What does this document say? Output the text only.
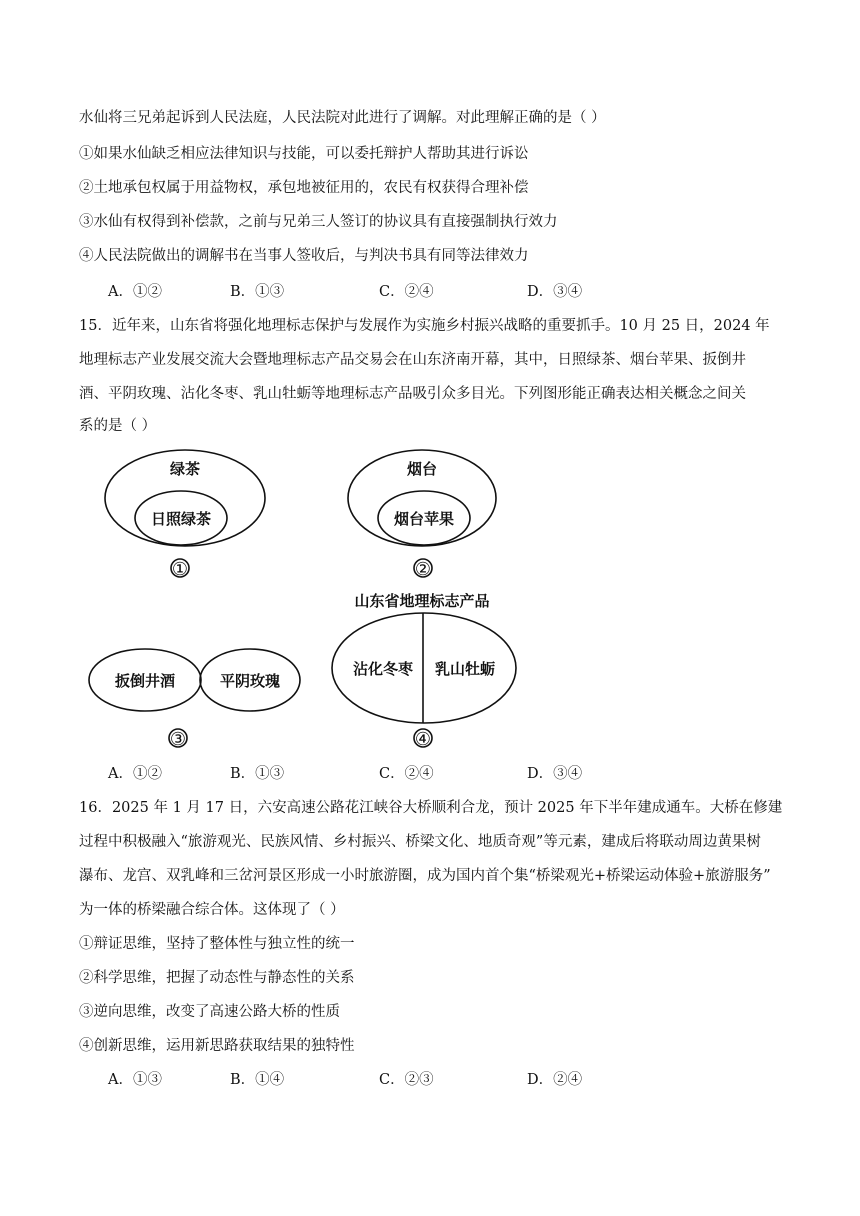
水仙将三兄弟起诉到人民法庭，人民法院对此进行了调解。对此理解正确的是（ ）
①如果水仙缺乏相应法律知识与技能，可以委托辩护人帮助其进行诉讼
②土地承包权属于用益物权，承包地被征用的，农民有权获得合理补偿
③水仙有权得到补偿款，之前与兄弟三人签订的协议具有直接强制执行效力
④人民法院做出的调解书在当事人签收后，与判决书具有同等法律效力
A．①②	B．①③	C．②④	D．③④
15．近年来，山东省将强化地理标志保护与发展作为实施乡村振兴战略的重要抓手。10 月 25 日，2024 年
地理标志产业发展交流大会暨地理标志产品交易会在山东济南开幕，其中，日照绿茶、烟台苹果、扳倒井
酒、平阴玫瑰、沾化冬枣、乳山牡蛎等地理标志产品吸引众多目光。下列图形能正确表达相关概念之间关
系的是（ ）
绿茶
日照绿茶
①
烟台
烟台苹果
②
扳倒井酒	平阴玫瑰
③
山东省地理标志产品
沾化冬枣 乳山牡蛎
④
A．①②	B．①③	C．②④	D．③④
16．2025 年 1 月 17 日，六安高速公路花江峡谷大桥顺利合龙，预计 2025 年下半年建成通车。大桥在修建
过程中积极融入“旅游观光、民族风情、乡村振兴、桥梁文化、地质奇观”等元素，建成后将联动周边黄果树
瀑布、龙宫、双乳峰和三岔河景区形成一小时旅游圈，成为国内首个集“桥梁观光+桥梁运动体验+旅游服务”
为一体的桥梁融合综合体。这体现了（ ）
①辩证思维，坚持了整体性与独立性的统一
②科学思维，把握了动态性与静态性的关系
③逆向思维，改变了高速公路大桥的性质
④创新思维，运用新思路获取结果的独特性
A．①③	B．①④	C．②③	D．②④
